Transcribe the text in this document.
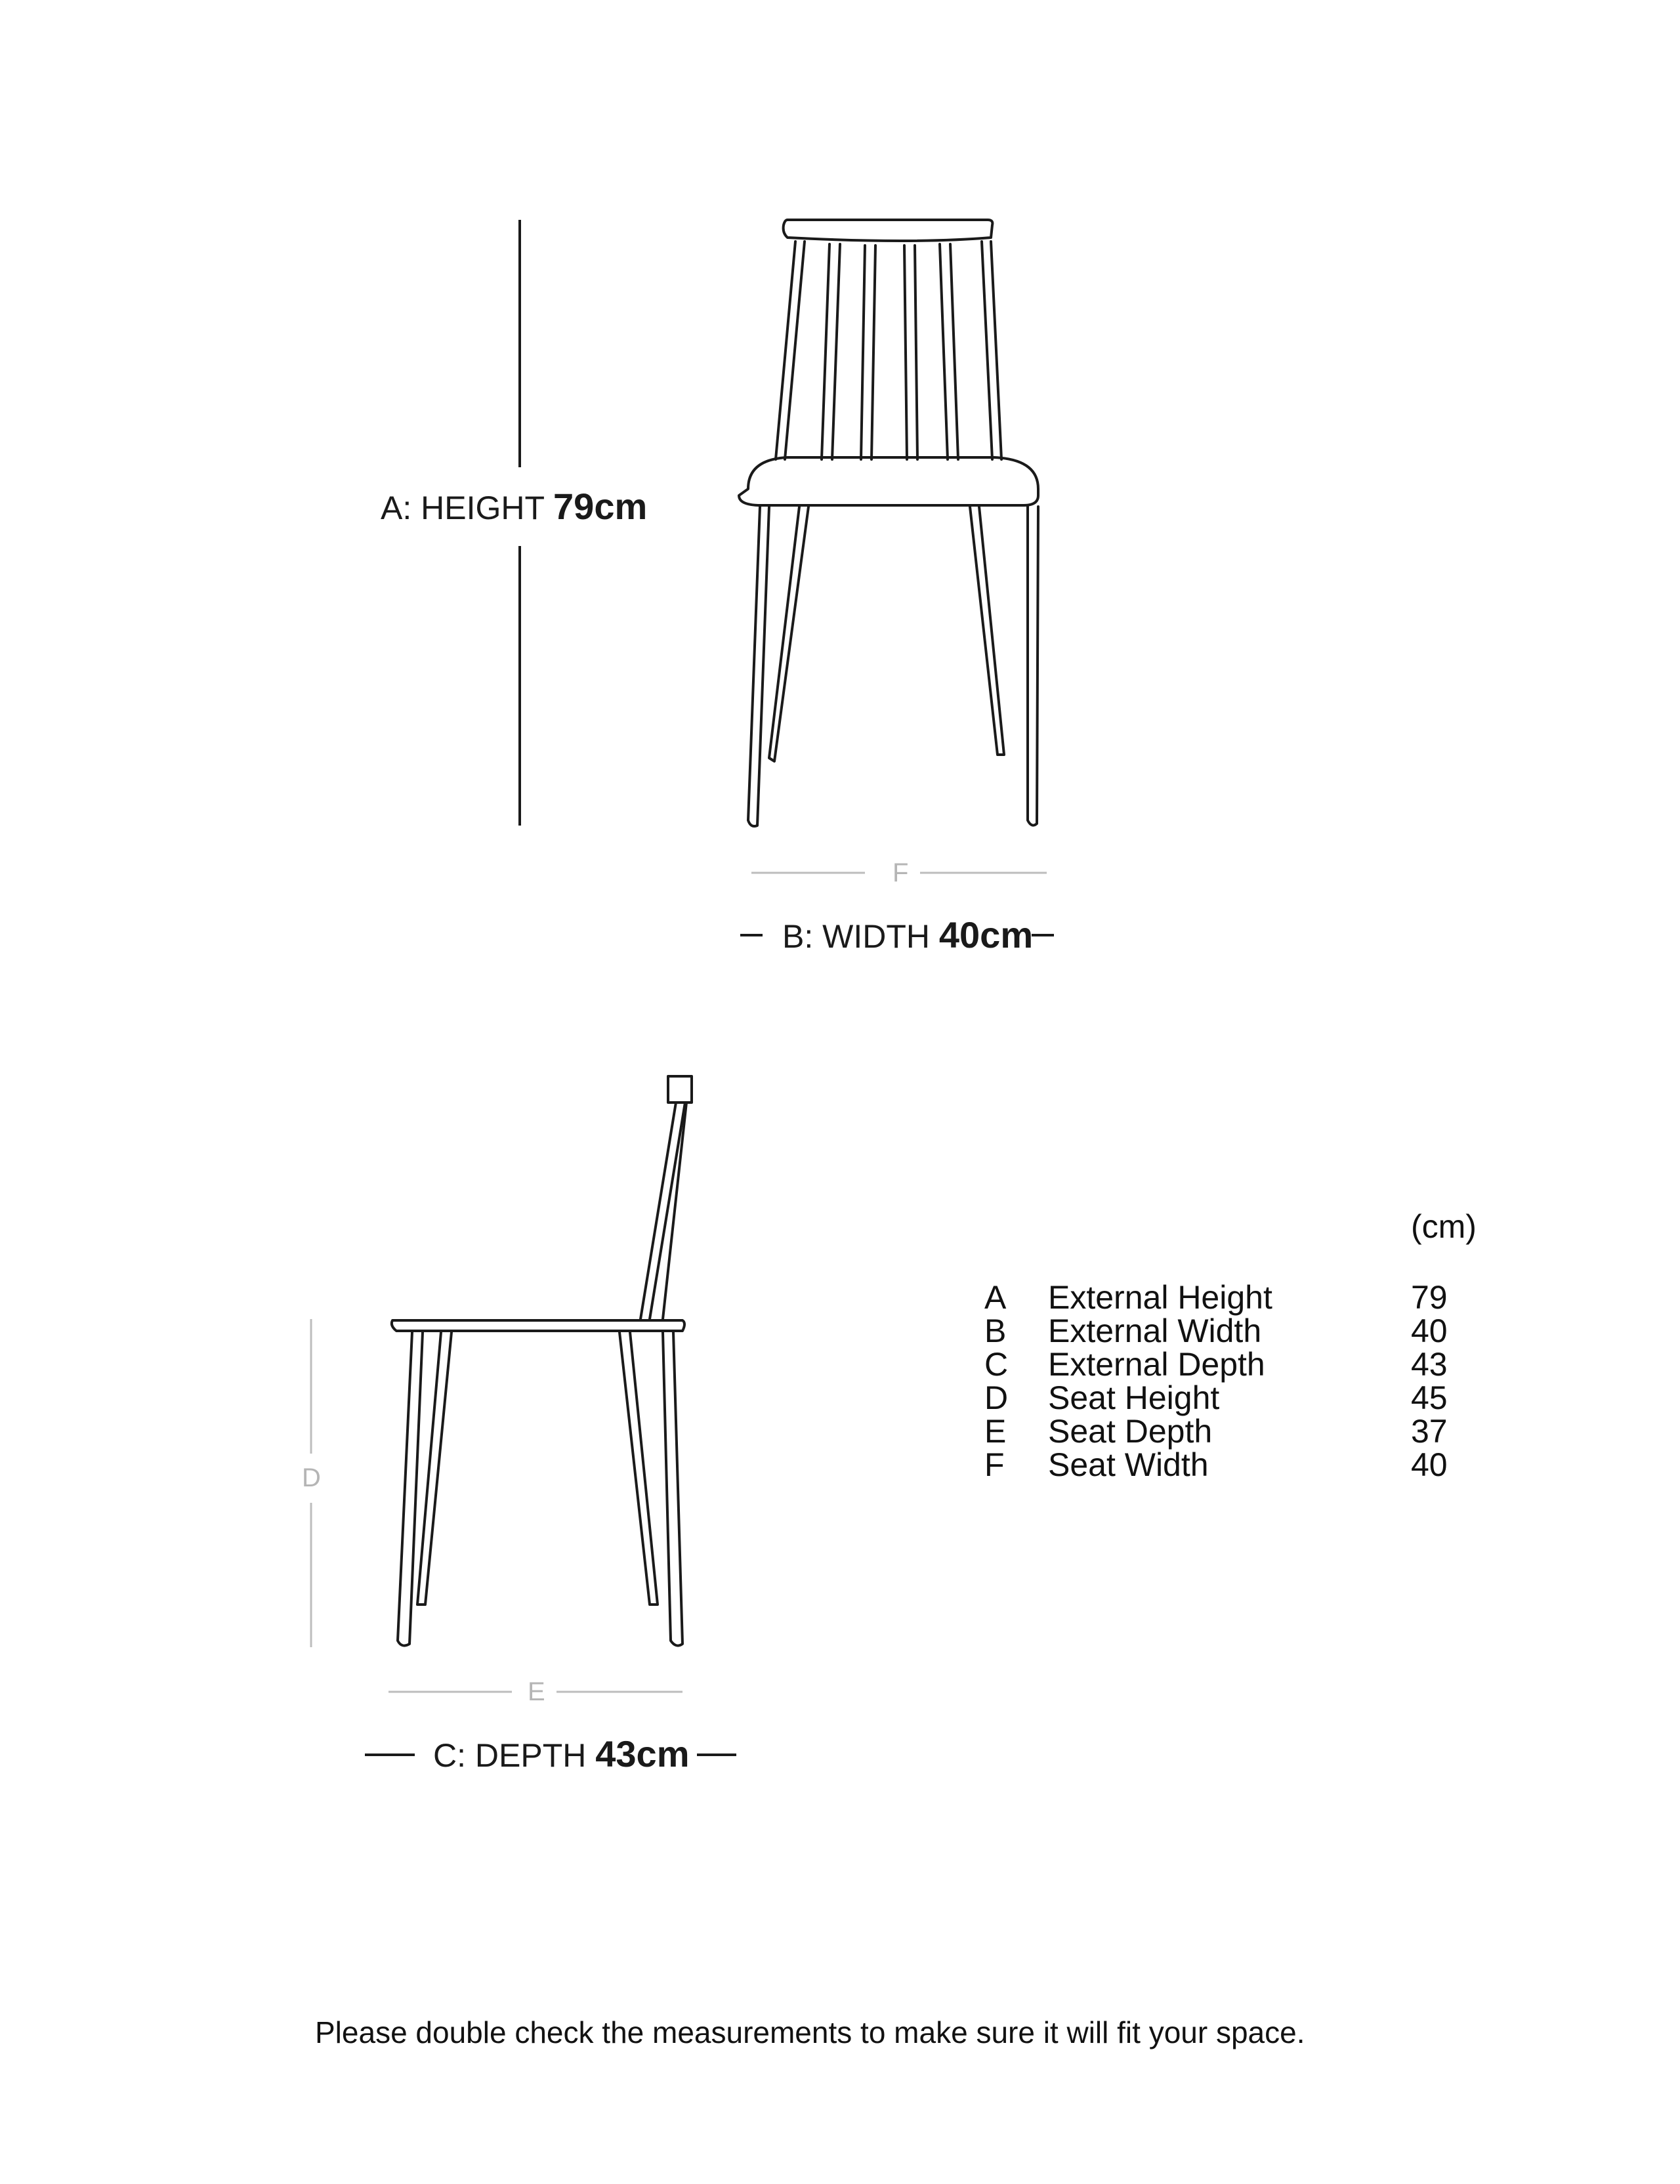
A: HEIGHT 79cm
F
B: WIDTH 40cm
D
E
C: DEPTH 43cm
(cm)
A External Height	79
B External Width	40
C External Depth	43
D Seat Height	45
E Seat Depth	37
F Seat Width	40
Please double check the measurements to make sure it will fit your space.
